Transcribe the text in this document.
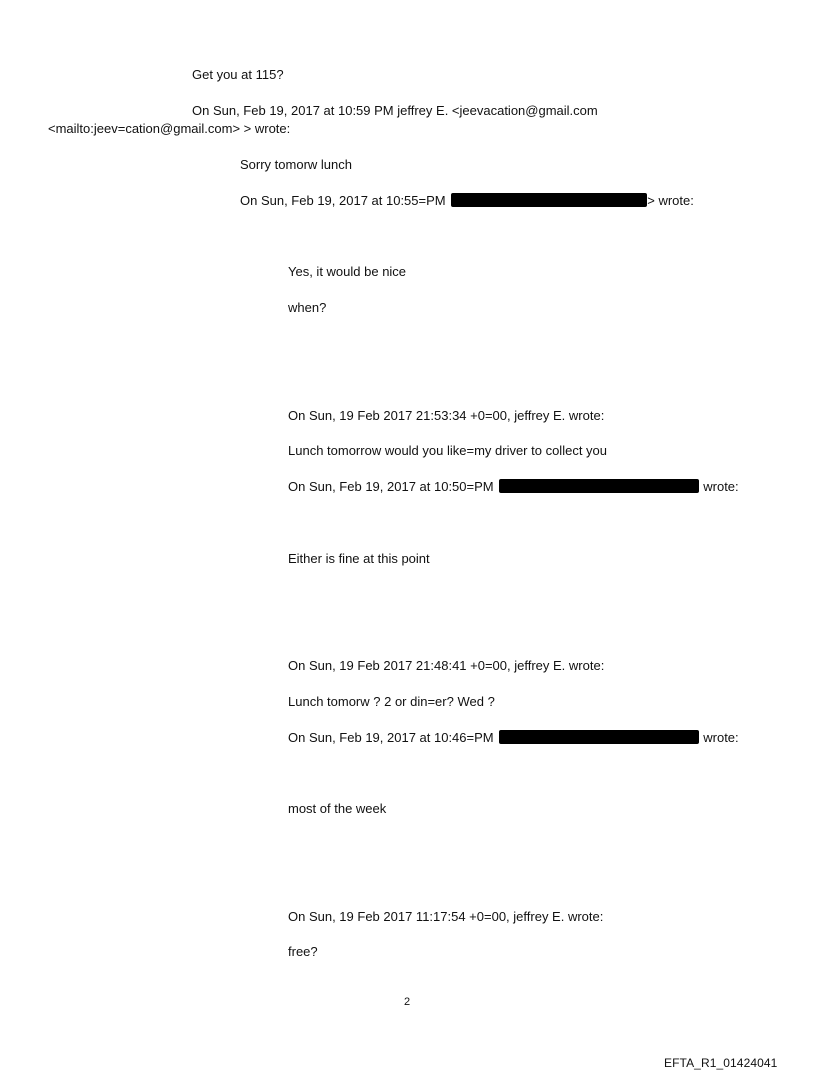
Get you at 115?
On Sun, Feb 19, 2017 at 10:59 PM jeffrey E. <jeevacation@gmail.com
<mailto:jeev=cation@gmail.com> > wrote:
Sorry tomorw lunch
On Sun, Feb 19, 2017 at 10:55=PM	> wrote:
Yes, it would be nice
when?
On Sun, 19 Feb 2017 21:53:34 +0=00, jeffrey E. wrote:
Lunch tomorrow would you like=my driver to collect you
On Sun, Feb 19, 2017 at 10:50=PM	wrote:
Either is fine at this point
On Sun, 19 Feb 2017 21:48:41 +0=00, jeffrey E. wrote:
Lunch tomorw ? 2 or din=er? Wed ?
On Sun, Feb 19, 2017 at 10:46=PM	wrote:
most of the week
On Sun, 19 Feb 2017 11:17:54 +0=00, jeffrey E. wrote:
free?
2
EFTA_R1_01424041
